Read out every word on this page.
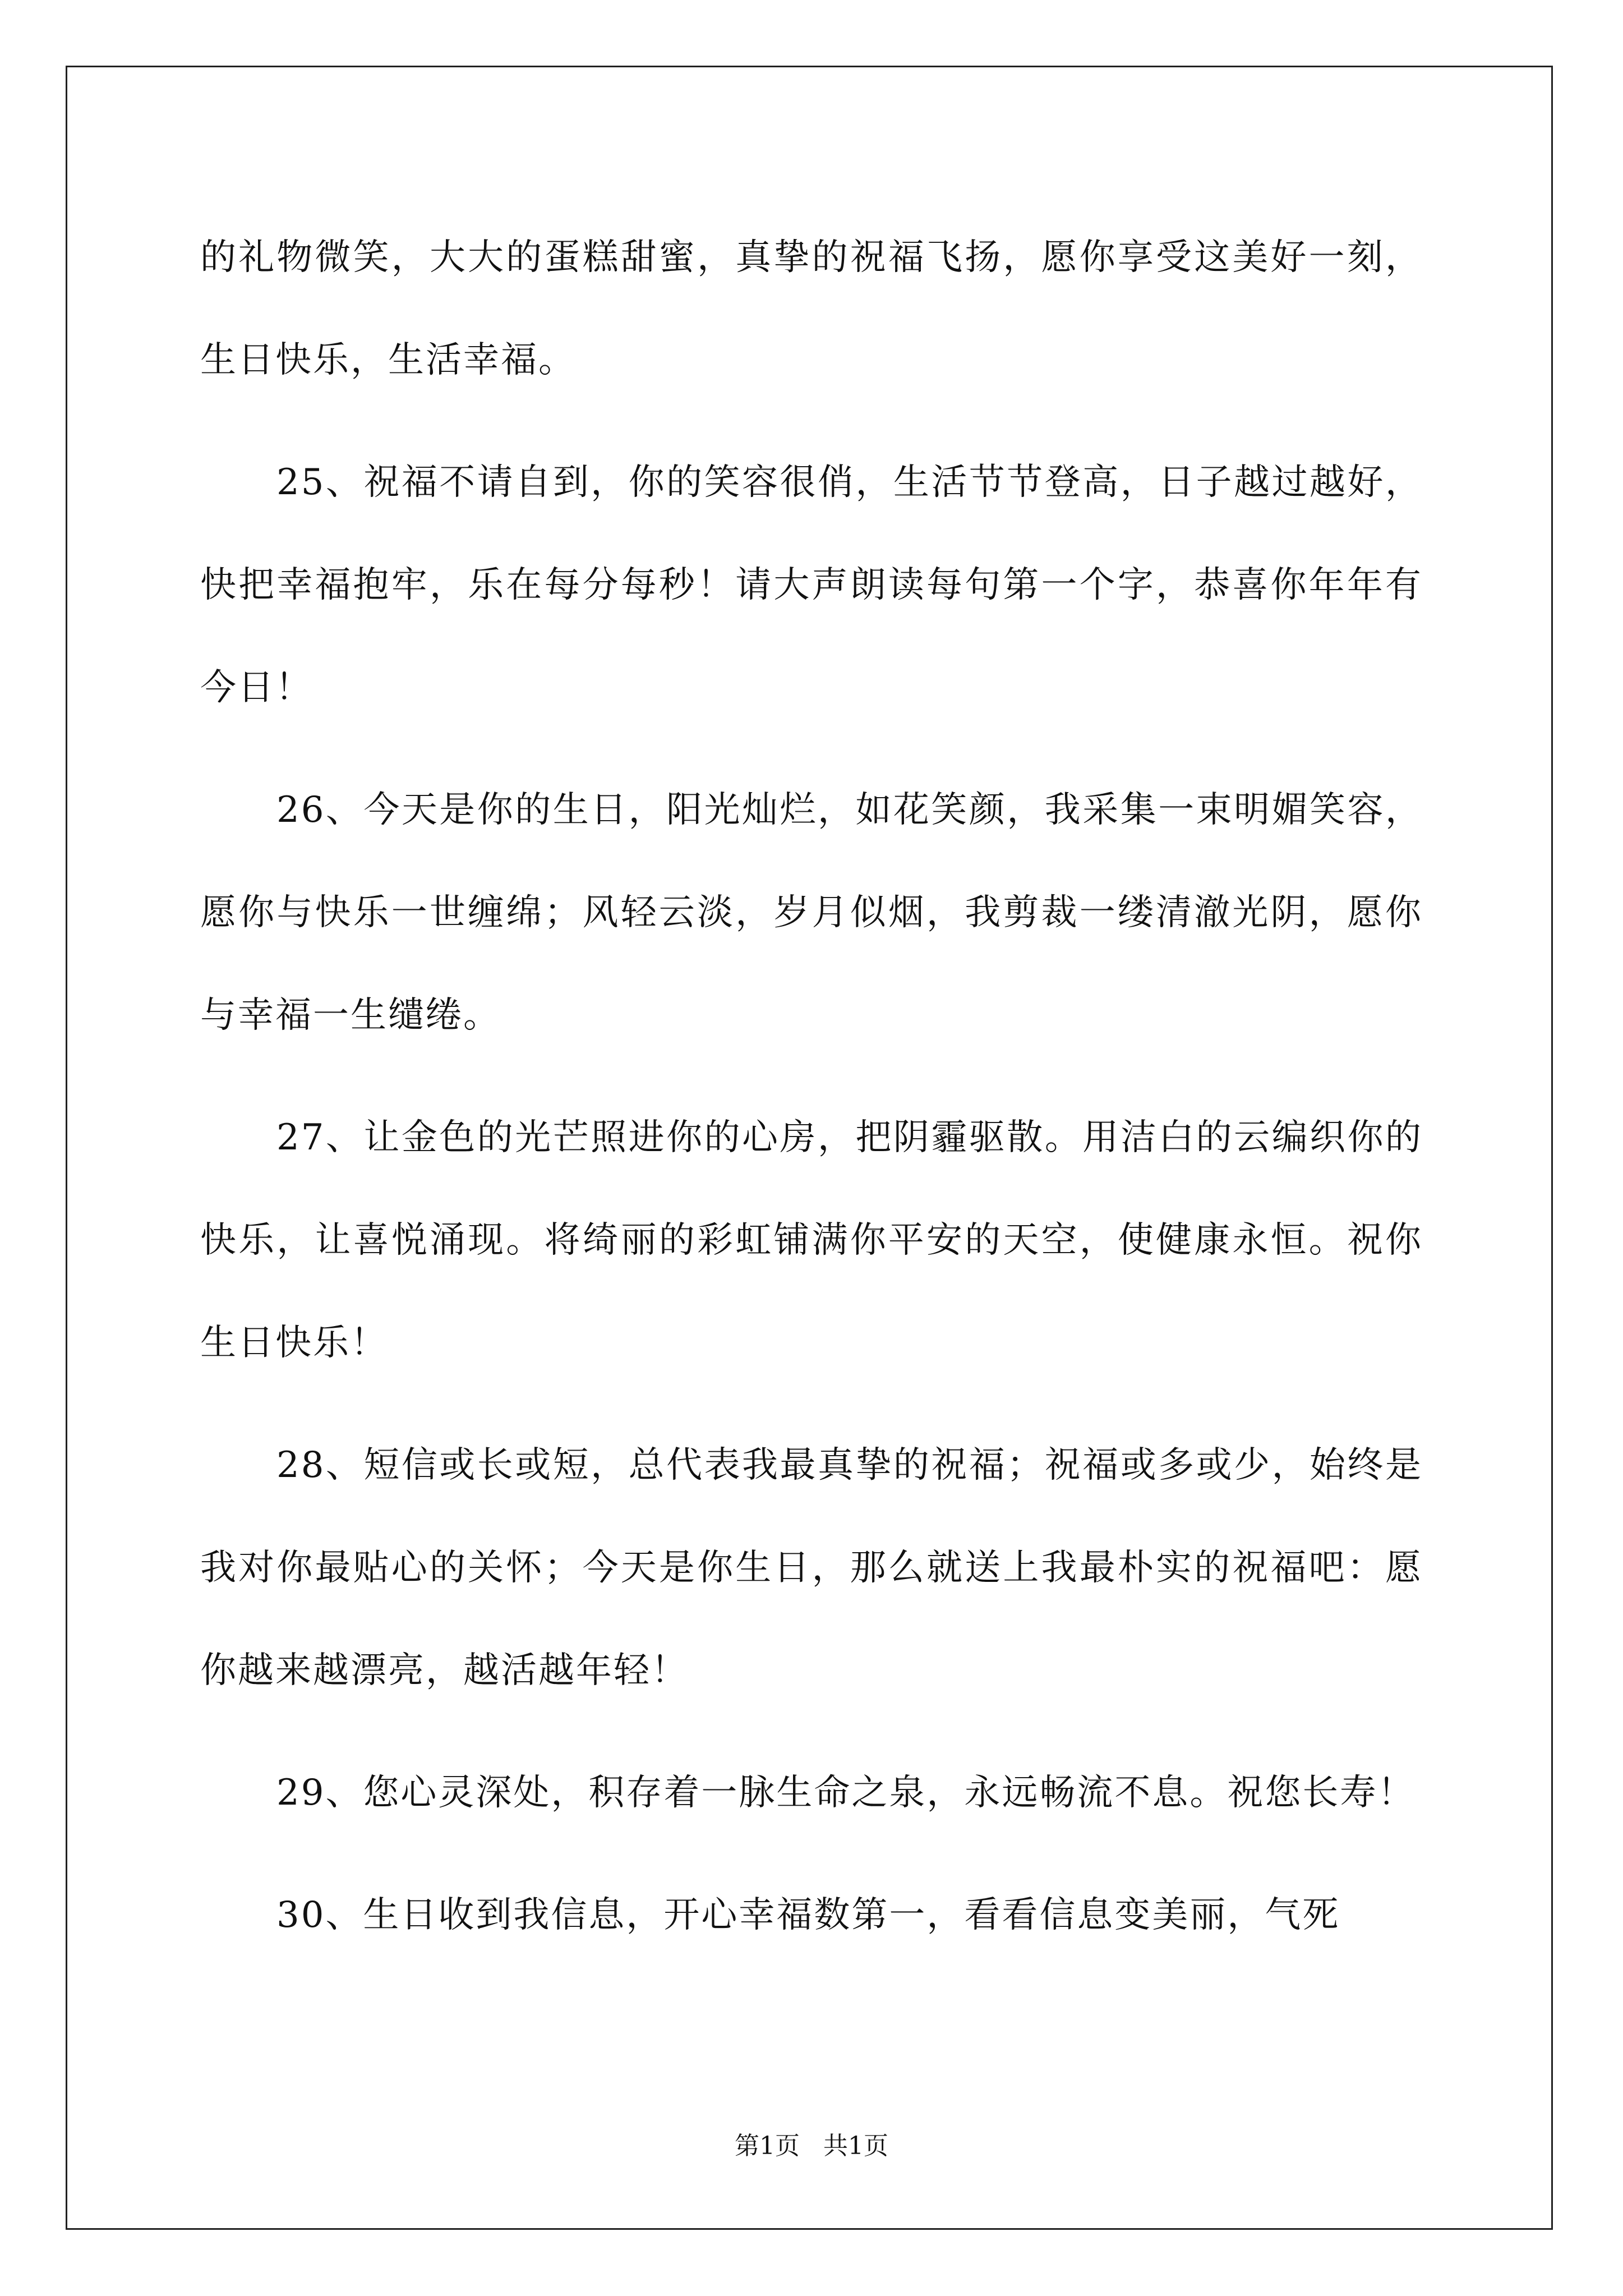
的礼物微笑，大大的蛋糕甜蜜，真挚的祝福飞扬，愿你享受这美好一刻，生日快乐，生活幸福。

25、祝福不请自到，你的笑容很俏，生活节节登高，日子越过越好，快把幸福抱牢，乐在每分每秒！请大声朗读每句第一个字，恭喜你年年有今日！

26、今天是你的生日，阳光灿烂，如花笑颜，我采集一束明媚笑容，愿你与快乐一世缠绵；风轻云淡，岁月似烟，我剪裁一缕清澈光阴，愿你与幸福一生缱绻。

27、让金色的光芒照进你的心房，把阴霾驱散。用洁白的云编织你的快乐，让喜悦涌现。将绮丽的彩虹铺满你平安的天空，使健康永恒。祝你生日快乐！

28、短信或长或短，总代表我最真挚的祝福；祝福或多或少，始终是我对你最贴心的关怀；今天是你生日，那么就送上我最朴实的祝福吧：愿你越来越漂亮，越活越年轻！

29、您心灵深处，积存着一脉生命之泉，永远畅流不息。祝您长寿！

30、生日收到我信息，开心幸福数第一，看看信息变美丽，气死

第1页 共1页
